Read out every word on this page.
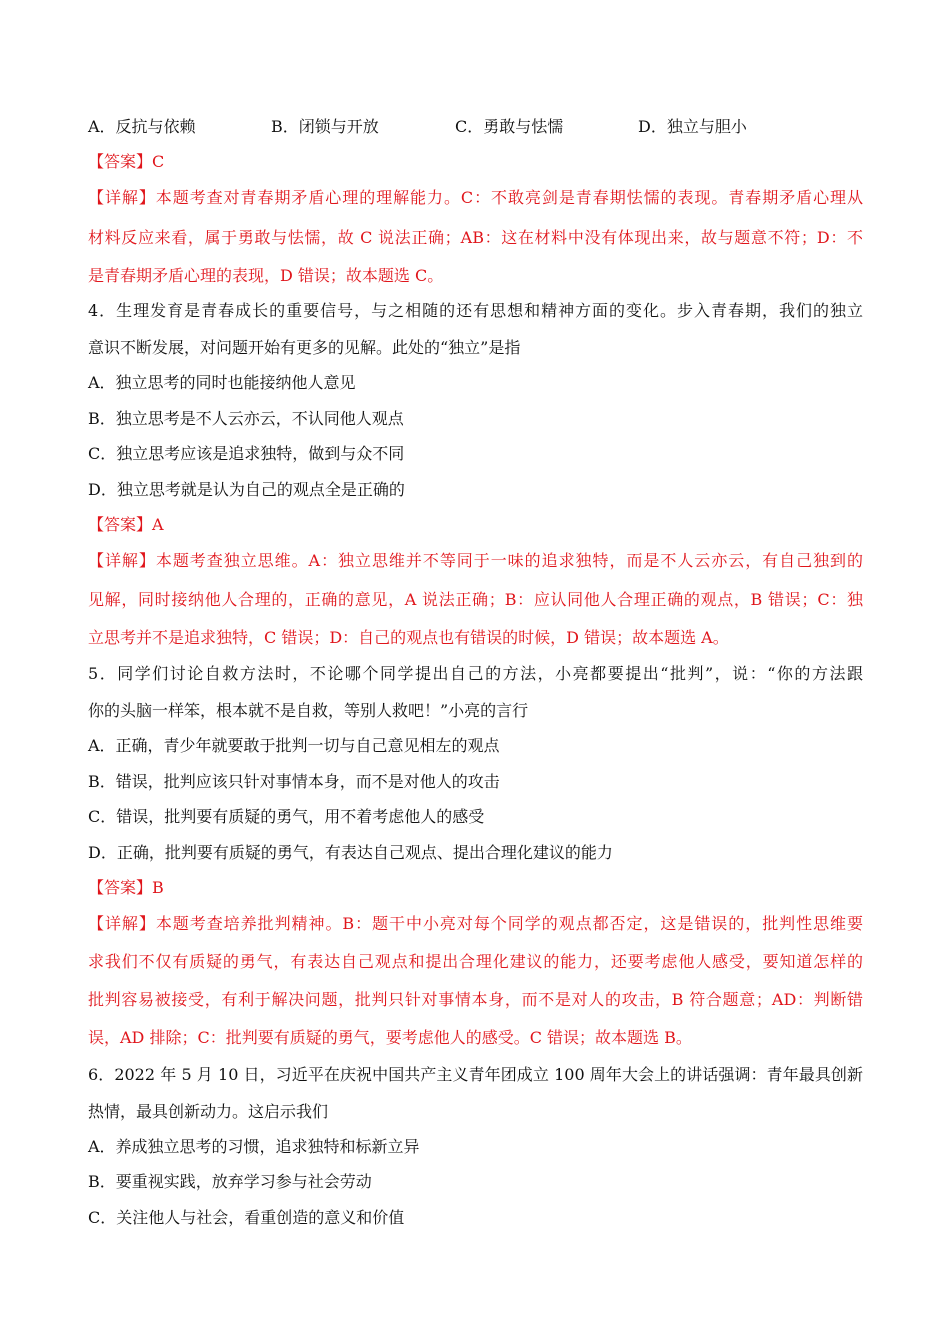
A．反抗与依赖	B．闭锁与开放	C．勇敢与怯懦	D．独立与胆小
【答案】C
【详解】本题考查对青春期矛盾心理的理解能力。C：不敢亮剑是青春期怯懦的表现。青春期矛盾心理从
材料反应来看，属于勇敢与怯懦，故 C 说法正确；AB：这在材料中没有体现出来，故与题意不符；D：不
是青春期矛盾心理的表现，D 错误；故本题选 C。
4．生理发育是青春成长的重要信号，与之相随的还有思想和精神方面的变化。步入青春期，我们的独立
意识不断发展，对问题开始有更多的见解。此处的“独立”是指
A．独立思考的同时也能接纳他人意见
B．独立思考是不人云亦云，不认同他人观点
C．独立思考应该是追求独特，做到与众不同
D．独立思考就是认为自己的观点全是正确的
【答案】A
【详解】本题考查独立思维。A：独立思维并不等同于一味的追求独特，而是不人云亦云，有自己独到的
见解，同时接纳他人合理的，正确的意见，A 说法正确；B：应认同他人合理正确的观点，B 错误；C：独
立思考并不是追求独特，C 错误；D：自己的观点也有错误的时候，D 错误；故本题选 A。
5．同学们讨论自救方法时，不论哪个同学提出自己的方法，小亮都要提出“批判”，说：“你的方法跟
你的头脑一样笨，根本就不是自救，等别人救吧！”小亮的言行
A．正确，青少年就要敢于批判一切与自己意见相左的观点
B．错误，批判应该只针对事情本身，而不是对他人的攻击
C．错误，批判要有质疑的勇气，用不着考虑他人的感受
D．正确，批判要有质疑的勇气，有表达自己观点、提出合理化建议的能力
【答案】B
【详解】本题考查培养批判精神。B：题干中小亮对每个同学的观点都否定，这是错误的，批判性思维要
求我们不仅有质疑的勇气，有表达自己观点和提出合理化建议的能力，还要考虑他人感受，要知道怎样的
批判容易被接受，有利于解决问题，批判只针对事情本身，而不是对人的攻击，B 符合题意；AD：判断错
误，AD 排除；C：批判要有质疑的勇气，要考虑他人的感受。C 错误；故本题选 B。
6．2022 年 5 月 10 日，习近平在庆祝中国共产主义青年团成立 100 周年大会上的讲话强调：青年最具创新
热情，最具创新动力。这启示我们
A．养成独立思考的习惯，追求独特和标新立异
B．要重视实践，放弃学习参与社会劳动
C．关注他人与社会，看重创造的意义和价值
